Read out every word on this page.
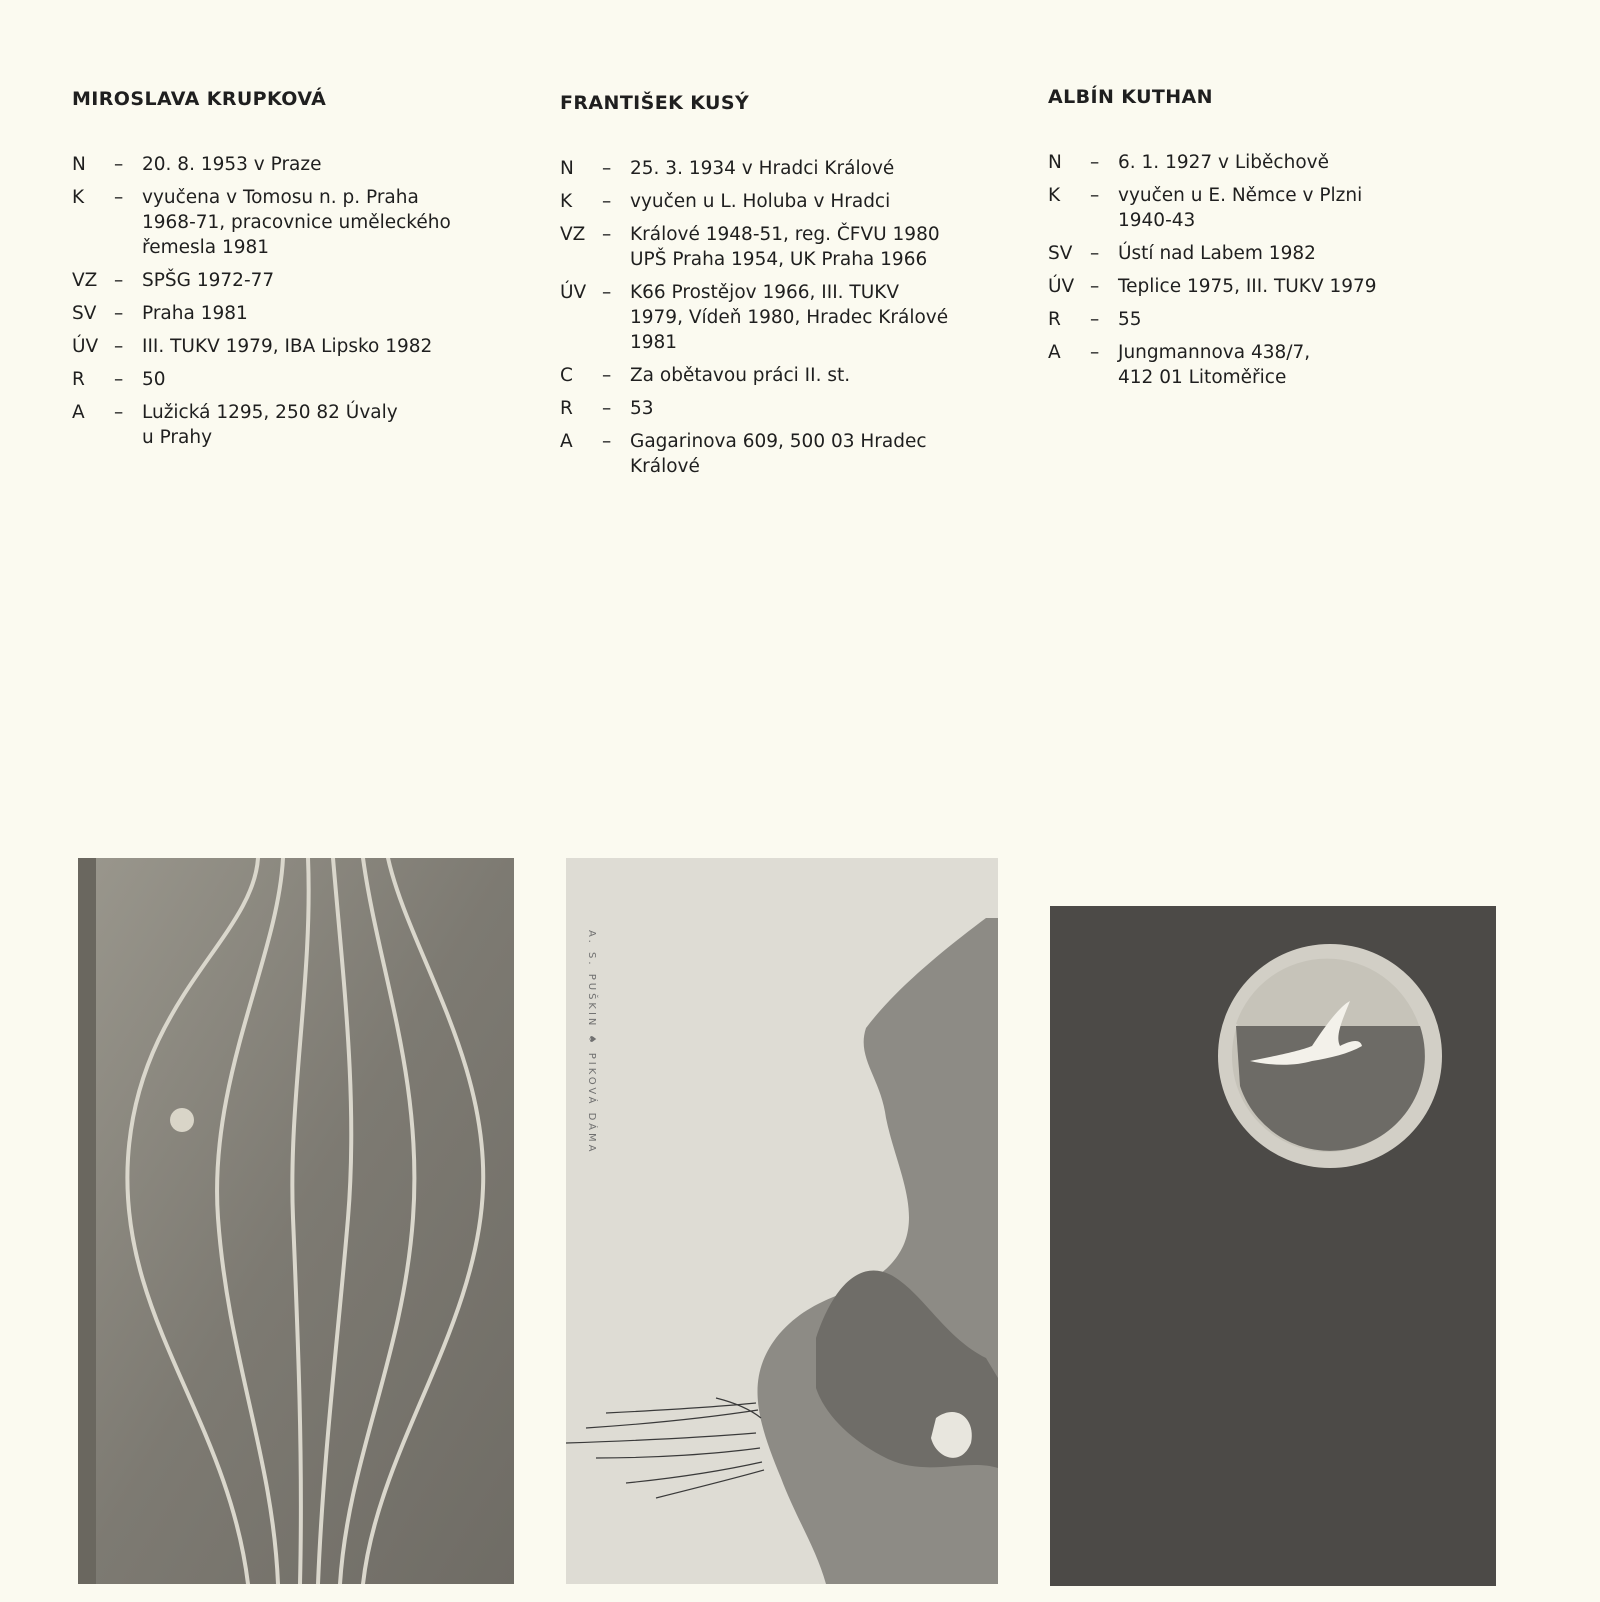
MIROSLAVA KRUPKOVÁ
N	–	20. 8. 1953 v Praze
K	–	vyučena v Tomosu n. p. Praha
1968-71, pracovnice uměleckého
řemesla 1981
VZ –	SPŠG 1972-77
SV –	Praha 1981
ÚV –	III. TUKV 1979, IBA Lipsko 1982
R	–	50
A	–	Lužická 1295, 250 82 Úvaly
u Prahy
FRANTIŠEK KUSÝ
N	–	25. 3. 1934 v Hradci Králové
K	–	vyučen u L. Holuba v Hradci
VZ –	Králové 1948-51, reg. ČFVU 1980
UPŠ Praha 1954, UK Praha 1966
ÚV –	K66 Prostějov 1966, III. TUKV
1979, Vídeň 1980, Hradec Králové
1981
C	–	Za obětavou práci II. st.
R	–	53
A	–	Gagarinova 609, 500 03 Hradec
Králové
ALBÍN KUTHAN
N	–	6. 1. 1927 v Liběchově
K	–	vyučen u E. Němce v Plzni
1940-43
SV –	Ústí nad Labem 1982
ÚV –	Teplice 1975, III. TUKV 1979
R	–	55
A	–	Jungmannova 438/7,
412 01 Litoměřice
A. S. PUŠKIN ♠ PIKOVÁ DÁMA
